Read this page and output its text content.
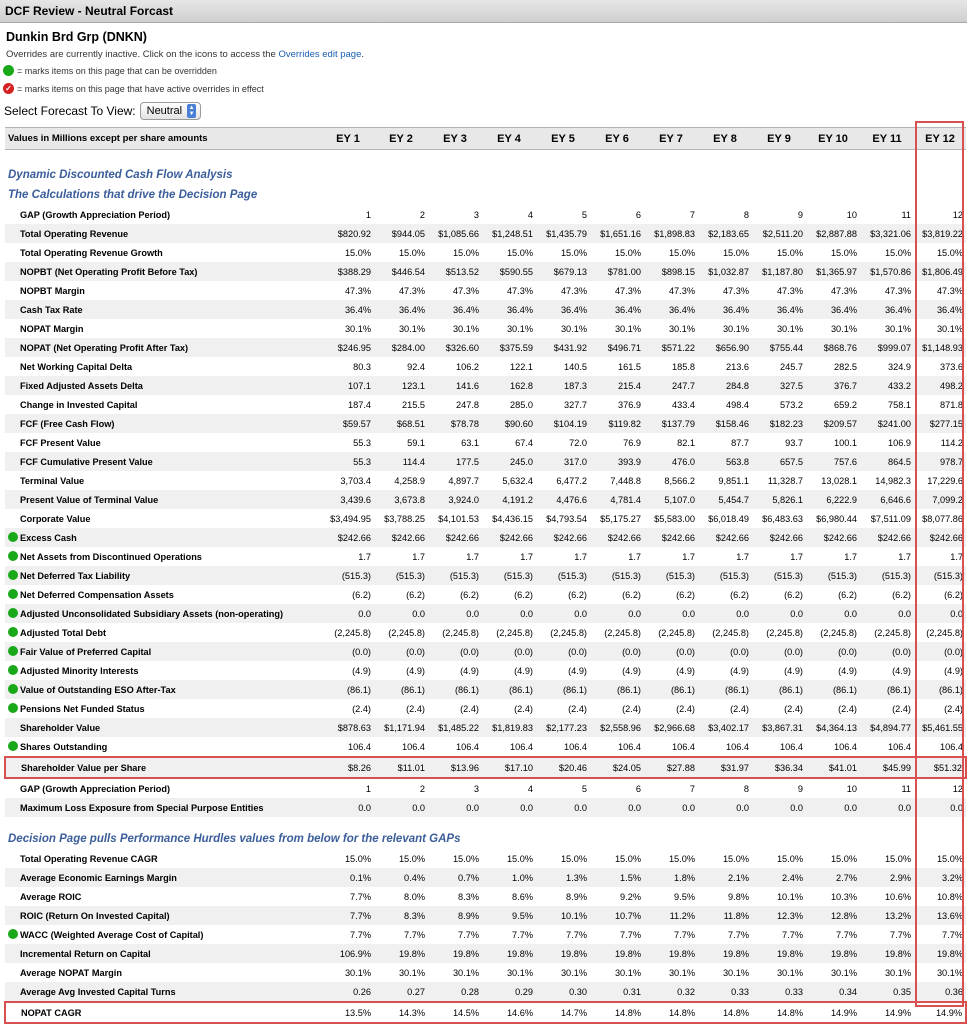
DCF Review - Neutral Forcast
Dunkin Brd Grp (DNKN)
Overrides are currently inactive. Click on the icons to access the Overrides edit page.
= marks items on this page that can be overridden
✓ = marks items on this page that have active overrides in effect
Select Forecast To View: Neutral ▲
▼
Values in Millions except per share amounts	EY 1	EY 2	EY 3	EY 4	EY 5	EY 6	EY 7	EY 8	EY 9	EY 10	EY 11	EY 12

Dynamic Discounted Cash Flow Analysis												
The Calculations that drive the Decision Page												
GAP (Growth Appreciation Period)	1	2	3	4	5	6	7	8	9	10	11	12
Total Operating Revenue	$820.92	$944.05	$1,085.66	$1,248.51	$1,435.79	$1,651.16	$1,898.83	$2,183.65	$2,511.20	$2,887.88	$3,321.06	$3,819.22
Total Operating Revenue Growth	15.0%	15.0%	15.0%	15.0%	15.0%	15.0%	15.0%	15.0%	15.0%	15.0%	15.0%	15.0%
NOPBT (Net Operating Profit Before Tax)	$388.29	$446.54	$513.52	$590.55	$679.13	$781.00	$898.15	$1,032.87	$1,187.80	$1,365.97	$1,570.86	$1,806.49
NOPBT Margin	47.3%	47.3%	47.3%	47.3%	47.3%	47.3%	47.3%	47.3%	47.3%	47.3%	47.3%	47.3%
Cash Tax Rate	36.4%	36.4%	36.4%	36.4%	36.4%	36.4%	36.4%	36.4%	36.4%	36.4%	36.4%	36.4%
NOPAT Margin	30.1%	30.1%	30.1%	30.1%	30.1%	30.1%	30.1%	30.1%	30.1%	30.1%	30.1%	30.1%
NOPAT (Net Operating Profit After Tax)	$246.95	$284.00	$326.60	$375.59	$431.92	$496.71	$571.22	$656.90	$755.44	$868.76	$999.07	$1,148.93
Net Working Capital Delta	80.3	92.4	106.2	122.1	140.5	161.5	185.8	213.6	245.7	282.5	324.9	373.6
Fixed Adjusted Assets Delta	107.1	123.1	141.6	162.8	187.3	215.4	247.7	284.8	327.5	376.7	433.2	498.2
Change in Invested Capital	187.4	215.5	247.8	285.0	327.7	376.9	433.4	498.4	573.2	659.2	758.1	871.8
FCF (Free Cash Flow)	$59.57	$68.51	$78.78	$90.60	$104.19	$119.82	$137.79	$158.46	$182.23	$209.57	$241.00	$277.15
FCF Present Value	55.3	59.1	63.1	67.4	72.0	76.9	82.1	87.7	93.7	100.1	106.9	114.2
FCF Cumulative Present Value	55.3	114.4	177.5	245.0	317.0	393.9	476.0	563.8	657.5	757.6	864.5	978.7
Terminal Value	3,703.4	4,258.9	4,897.7	5,632.4	6,477.2	7,448.8	8,566.2	9,851.1	11,328.7	13,028.1	14,982.3	17,229.6
Present Value of Terminal Value	3,439.6	3,673.8	3,924.0	4,191.2	4,476.6	4,781.4	5,107.0	5,454.7	5,826.1	6,222.9	6,646.6	7,099.2
Corporate Value	$3,494.95	$3,788.25	$4,101.53	$4,436.15	$4,793.54	$5,175.27	$5,583.00	$6,018.49	$6,483.63	$6,980.44	$7,511.09	$8,077.86
Excess Cash	$242.66	$242.66	$242.66	$242.66	$242.66	$242.66	$242.66	$242.66	$242.66	$242.66	$242.66	$242.66
Net Assets from Discontinued Operations	1.7	1.7	1.7	1.7	1.7	1.7	1.7	1.7	1.7	1.7	1.7	1.7
Net Deferred Tax Liability	(515.3)	(515.3)	(515.3)	(515.3)	(515.3)	(515.3)	(515.3)	(515.3)	(515.3)	(515.3)	(515.3)	(515.3)
Net Deferred Compensation Assets	(6.2)	(6.2)	(6.2)	(6.2)	(6.2)	(6.2)	(6.2)	(6.2)	(6.2)	(6.2)	(6.2)	(6.2)
Adjusted Unconsolidated Subsidiary Assets (non-operating)	0.0	0.0	0.0	0.0	0.0	0.0	0.0	0.0	0.0	0.0	0.0	0.0
Adjusted Total Debt	(2,245.8)	(2,245.8)	(2,245.8)	(2,245.8)	(2,245.8)	(2,245.8)	(2,245.8)	(2,245.8)	(2,245.8)	(2,245.8)	(2,245.8)	(2,245.8)
Fair Value of Preferred Capital	(0.0)	(0.0)	(0.0)	(0.0)	(0.0)	(0.0)	(0.0)	(0.0)	(0.0)	(0.0)	(0.0)	(0.0)
Adjusted Minority Interests	(4.9)	(4.9)	(4.9)	(4.9)	(4.9)	(4.9)	(4.9)	(4.9)	(4.9)	(4.9)	(4.9)	(4.9)
Value of Outstanding ESO After-Tax	(86.1)	(86.1)	(86.1)	(86.1)	(86.1)	(86.1)	(86.1)	(86.1)	(86.1)	(86.1)	(86.1)	(86.1)
Pensions Net Funded Status	(2.4)	(2.4)	(2.4)	(2.4)	(2.4)	(2.4)	(2.4)	(2.4)	(2.4)	(2.4)	(2.4)	(2.4)
Shareholder Value	$878.63	$1,171.94	$1,485.22	$1,819.83	$2,177.23	$2,558.96	$2,966.68	$3,402.17	$3,867.31	$4,364.13	$4,894.77	$5,461.55
Shares Outstanding	106.4	106.4	106.4	106.4	106.4	106.4	106.4	106.4	106.4	106.4	106.4	106.4
Shareholder Value per Share	$8.26	$11.01	$13.96	$17.10	$20.46	$24.05	$27.88	$31.97	$36.34	$41.01	$45.99	$51.32
GAP (Growth Appreciation Period)	1	2	3	4	5	6	7	8	9	10	11	12
Maximum Loss Exposure from Special Purpose Entities	0.0	0.0	0.0	0.0	0.0	0.0	0.0	0.0	0.0	0.0	0.0	0.0

Decision Page pulls Performance Hurdles values from below for the relevant GAPs												
Total Operating Revenue CAGR	15.0%	15.0%	15.0%	15.0%	15.0%	15.0%	15.0%	15.0%	15.0%	15.0%	15.0%	15.0%
Average Economic Earnings Margin	0.1%	0.4%	0.7%	1.0%	1.3%	1.5%	1.8%	2.1%	2.4%	2.7%	2.9%	3.2%
Average ROIC	7.7%	8.0%	8.3%	8.6%	8.9%	9.2%	9.5%	9.8%	10.1%	10.3%	10.6%	10.8%
ROIC (Return On Invested Capital)	7.7%	8.3%	8.9%	9.5%	10.1%	10.7%	11.2%	11.8%	12.3%	12.8%	13.2%	13.6%
WACC (Weighted Average Cost of Capital)	7.7%	7.7%	7.7%	7.7%	7.7%	7.7%	7.7%	7.7%	7.7%	7.7%	7.7%	7.7%
Incremental Return on Capital	106.9%	19.8%	19.8%	19.8%	19.8%	19.8%	19.8%	19.8%	19.8%	19.8%	19.8%	19.8%
Average NOPAT Margin	30.1%	30.1%	30.1%	30.1%	30.1%	30.1%	30.1%	30.1%	30.1%	30.1%	30.1%	30.1%
Average Avg Invested Capital Turns	0.26	0.27	0.28	0.29	0.30	0.31	0.32	0.33	0.33	0.34	0.35	0.36
NOPAT CAGR	13.5%	14.3%	14.5%	14.6%	14.7%	14.8%	14.8%	14.8%	14.8%	14.9%	14.9%	14.9%
